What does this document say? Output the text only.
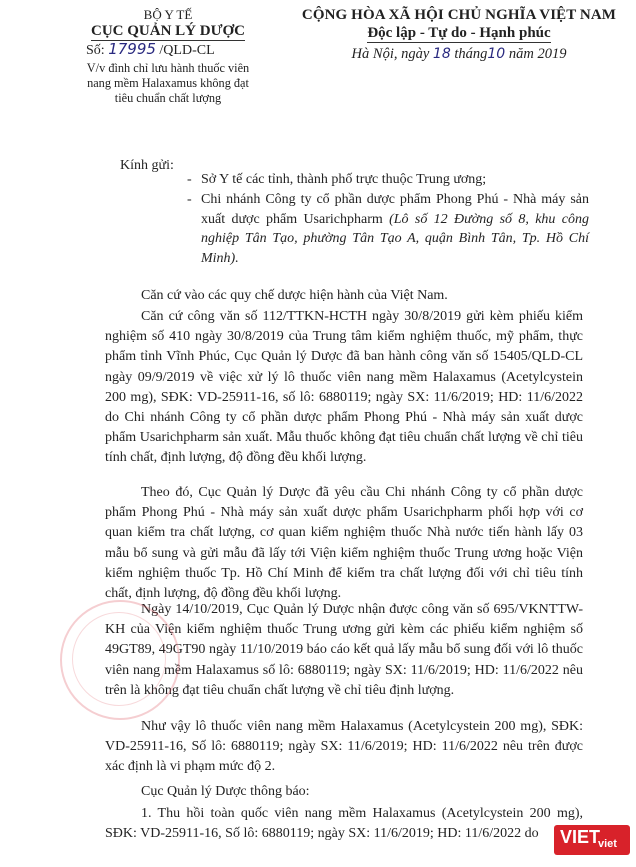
BỘ Y TẾ
CỤC QUẢN LÝ DƯỢC
Số: 17995 /QLD-CL
V/v đình chỉ lưu hành thuốc viên
nang mềm Halaxamus không đạt
tiêu chuẩn chất lượng
CỘNG HÒA XÃ HỘI CHỦ NGHĨA VIỆT NAM
Độc lập - Tự do - Hạnh phúc
Hà Nội, ngày 18 tháng10 năm 2019
Kính gửi:
- Sở Y tế các tỉnh, thành phố trực thuộc Trung ương;
- Chi nhánh Công ty cổ phần dược phẩm Phong Phú - Nhà máy sản xuất dược phẩm Usarichpharm (Lô số 12 Đường số 8, khu công nghiệp Tân Tạo, phường Tân Tạo A, quận Bình Tân, Tp. Hồ Chí Minh).
Căn cứ vào các quy chế dược hiện hành của Việt Nam.
Căn cứ công văn số 112/TTKN-HCTH ngày 30/8/2019 gửi kèm phiếu kiểm nghiệm số 410 ngày 30/8/2019 của Trung tâm kiểm nghiệm thuốc, mỹ phẩm, thực phẩm tỉnh Vĩnh Phúc, Cục Quản lý Dược đã ban hành công văn số 15405/QLD-CL ngày 09/9/2019 về việc xử lý lô thuốc viên nang mềm Halaxamus (Acetylcystein 200 mg), SĐK: VD-25911-16, số lô: 6880119; ngày SX: 11/6/2019; HD: 11/6/2022 do Chi nhánh Công ty cổ phần dược phẩm Phong Phú - Nhà máy sản xuất dược phẩm Usarichpharm sản xuất. Mẫu thuốc không đạt tiêu chuẩn chất lượng về chỉ tiêu tính chất, định lượng, độ đồng đều khối lượng.
Theo đó, Cục Quản lý Dược đã yêu cầu Chi nhánh Công ty cổ phần dược phẩm Phong Phú - Nhà máy sản xuất dược phẩm Usarichpharm phối hợp với cơ quan kiểm tra chất lượng, cơ quan kiểm nghiệm thuốc Nhà nước tiến hành lấy 03 mẫu bổ sung và gửi mẫu đã lấy tới Viện kiểm nghiệm thuốc Trung ương hoặc Viện kiểm nghiệm thuốc Tp. Hồ Chí Minh để kiểm tra chất lượng đối với chỉ tiêu tính chất, định lượng, độ đồng đều khối lượng.
Ngày 14/10/2019, Cục Quản lý Dược nhận được công văn số 695/VKNTTW-KH của Viện kiểm nghiệm thuốc Trung ương gửi kèm các phiếu kiểm nghiệm số 49GT89, 49GT90 ngày 11/10/2019 báo cáo kết quả lấy mẫu bổ sung đối với lô thuốc viên nang mềm Halaxamus số lô: 6880119; ngày SX: 11/6/2019; HD: 11/6/2022 nêu trên là không đạt tiêu chuẩn chất lượng về chỉ tiêu định lượng.
Như vậy lô thuốc viên nang mềm Halaxamus (Acetylcystein 200 mg), SĐK: VD-25911-16, Số lô: 6880119; ngày SX: 11/6/2019; HD: 11/6/2022 nêu trên được xác định là vi phạm mức độ 2.
Cục Quản lý Dược thông báo:
1. Thu hồi toàn quốc viên nang mềm Halaxamus (Acetylcystein 200 mg), SĐK: VD-25911-16, Số lô: 6880119; ngày SX: 11/6/2019; HD: 11/6/2022 do	VIET
viet
